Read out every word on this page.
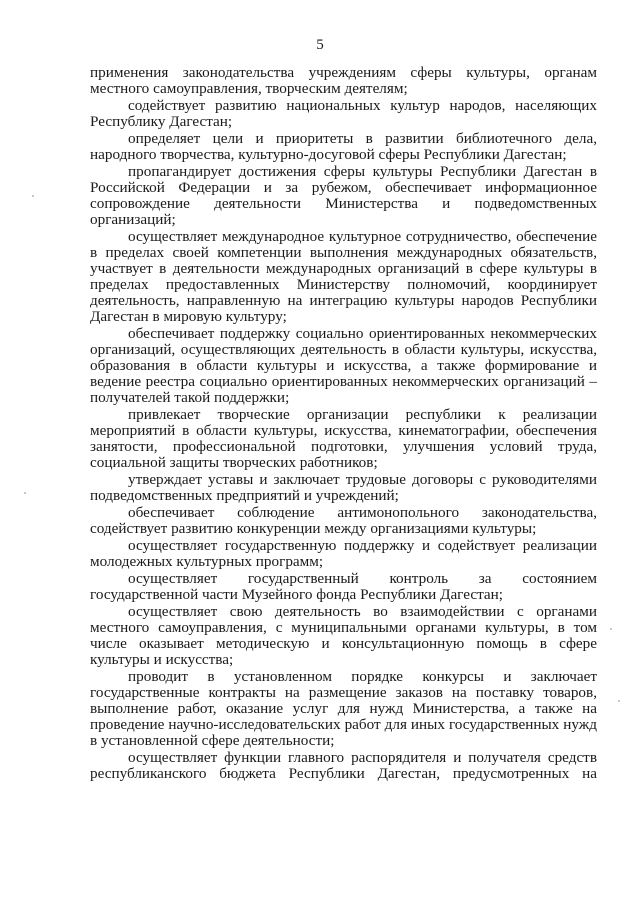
5

применения законодательства учреждениям сферы культуры, органам местного самоуправления, творческим деятелям;

содействует развитию национальных культур народов, населяющих Республику Дагестан;

определяет цели и приоритеты в развитии библиотечного дела, народного творчества, культурно-досуговой сферы Республики Дагестан;

пропагандирует достижения сферы культуры Республики Дагестан в Российской Федерации и за рубежом, обеспечивает информационное сопровождение деятельности Министерства и подведомственных организаций;

осуществляет международное культурное сотрудничество, обеспечение в пределах своей компетенции выполнения международных обязательств, участвует в деятельности международных организаций в сфере культуры в пределах предоставленных Министерству полномочий, координирует деятельность, направленную на интеграцию культуры народов Республики Дагестан в мировую культуру;

обеспечивает поддержку социально ориентированных некоммерческих организаций, осуществляющих деятельность в области культуры, искусства, образования в области культуры и искусства, а также формирование и ведение реестра социально ориентированных некоммерческих организаций – получателей такой поддержки;

привлекает творческие организации республики к реализации мероприятий в области культуры, искусства, кинематографии, обеспечения занятости, профессиональной подготовки, улучшения условий труда, социальной защиты творческих работников;

утверждает уставы и заключает трудовые договоры с руководителями подведомственных предприятий и учреждений;

обеспечивает соблюдение антимонопольного законодательства, содействует развитию конкуренции между организациями культуры;

осуществляет государственную поддержку и содействует реализации молодежных культурных программ;

осуществляет государственный контроль за состоянием государственной части Музейного фонда Республики Дагестан;

осуществляет свою деятельность во взаимодействии с органами местного самоуправления, с муниципальными органами культуры, в том числе оказывает методическую и консультационную помощь в сфере культуры и искусства;

проводит в установленном порядке конкурсы и заключает государственные контракты на размещение заказов на поставку товаров, выполнение работ, оказание услуг для нужд Министерства, а также на проведение научно-исследовательских работ для иных государственных нужд в установленной сфере деятельности;

осуществляет функции главного распорядителя и получателя средств республиканского бюджета Республики Дагестан, предусмотренных на
